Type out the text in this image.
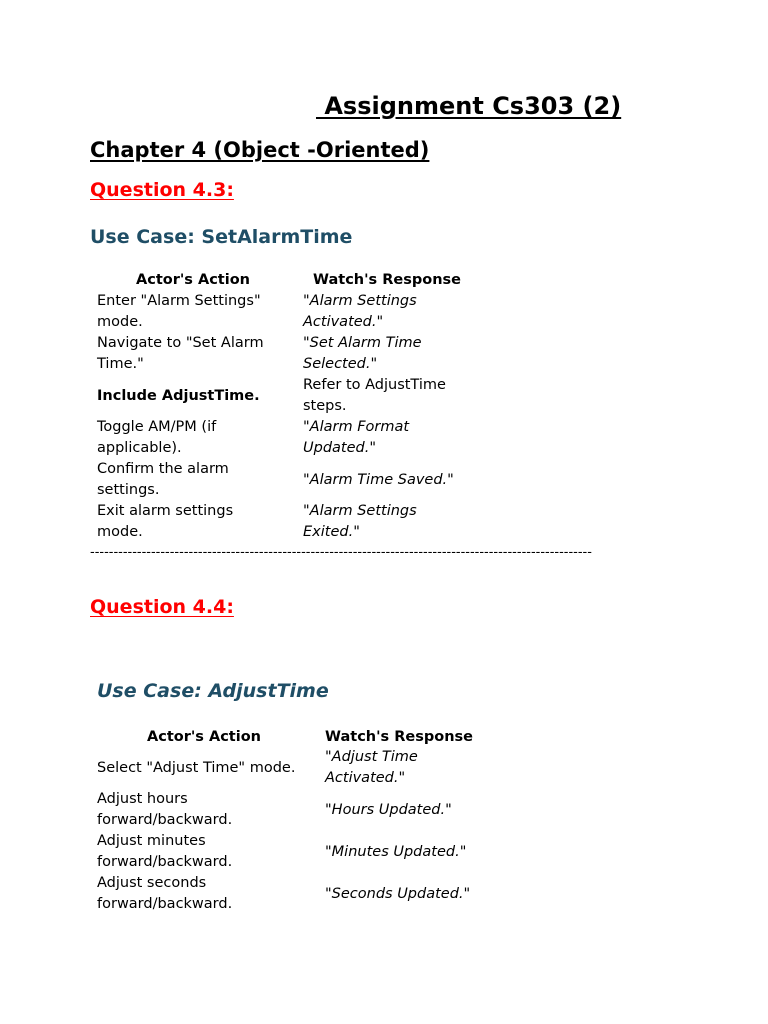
Assignment Cs303 (2)
Chapter 4 (Object -Oriented)
Question 4.3:
Use Case: SetAlarmTime
Actor's Action	Watch's Response
Enter "Alarm Settings"
mode.
"Alarm Settings
Activated."
Navigate to "Set Alarm
Time."
"Set Alarm Time
Selected."
Include AdjustTime.
Refer to AdjustTime
steps.
Toggle AM/PM (if
applicable).
"Alarm Format
Updated."
Confirm the alarm
settings.
"Alarm Time Saved."
Exit alarm settings
mode.
"Alarm Settings
Exited."
-----------------------------------------------------------------------------------------------------------
Question 4.4:
Use Case: AdjustTime
Actor's Action	Watch's Response
Select "Adjust Time" mode.
"Adjust Time
Activated."
Adjust hours
forward/backward.
"Hours Updated."
Adjust minutes
forward/backward.
"Minutes Updated."
Adjust seconds
forward/backward.
"Seconds Updated."
